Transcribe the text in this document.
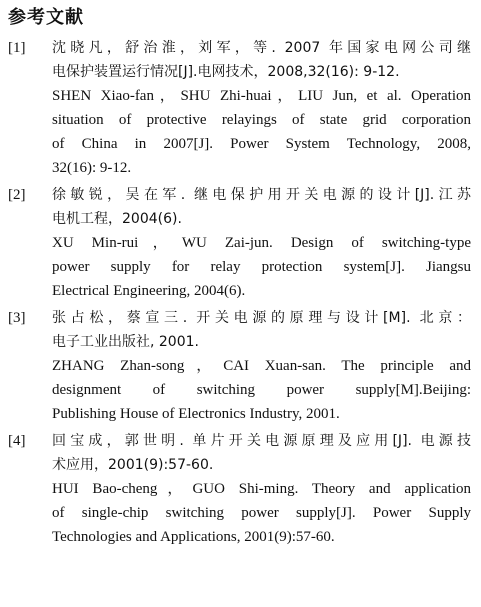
参考文献
[1]	沈晓凡，舒治淮，刘军，等. 2007 年国家电网公司继
电保护装置运行情况[J].电网技术，2008,32(16): 9-12.
SHEN Xiao-fan，SHU Zhi-huai，LIU Jun, et al. Operation
situation of protective relayings of state grid corporation
of China in 2007[J]. Power System Technology, 2008,
32(16): 9-12.
[2]	徐敏锐，吴在军. 继电保护用开关电源的设计[J].江苏
电机工程，2004(6).
XU Min-rui，WU Zai-jun. Design of switching-type
power supply for relay protection system[J]. Jiangsu
Electrical Engineering, 2004(6).
[3]	张占松，蔡宣三. 开关电源的原理与设计[M]. 北京：
电子工业出版社, 2001.
ZHANG Zhan-song，CAI Xuan-san. The principle and
designment of switching power supply[M].Beijing:
Publishing House of Electronics Industry, 2001.
[4]	回宝成，郭世明. 单片开关电源原理及应用[J]. 电源技
术应用，2001(9):57-60.
HUI Bao-cheng，GUO Shi-ming. Theory and application
of single-chip switching power supply[J]. Power Supply
Technologies and Applications, 2001(9):57-60.
